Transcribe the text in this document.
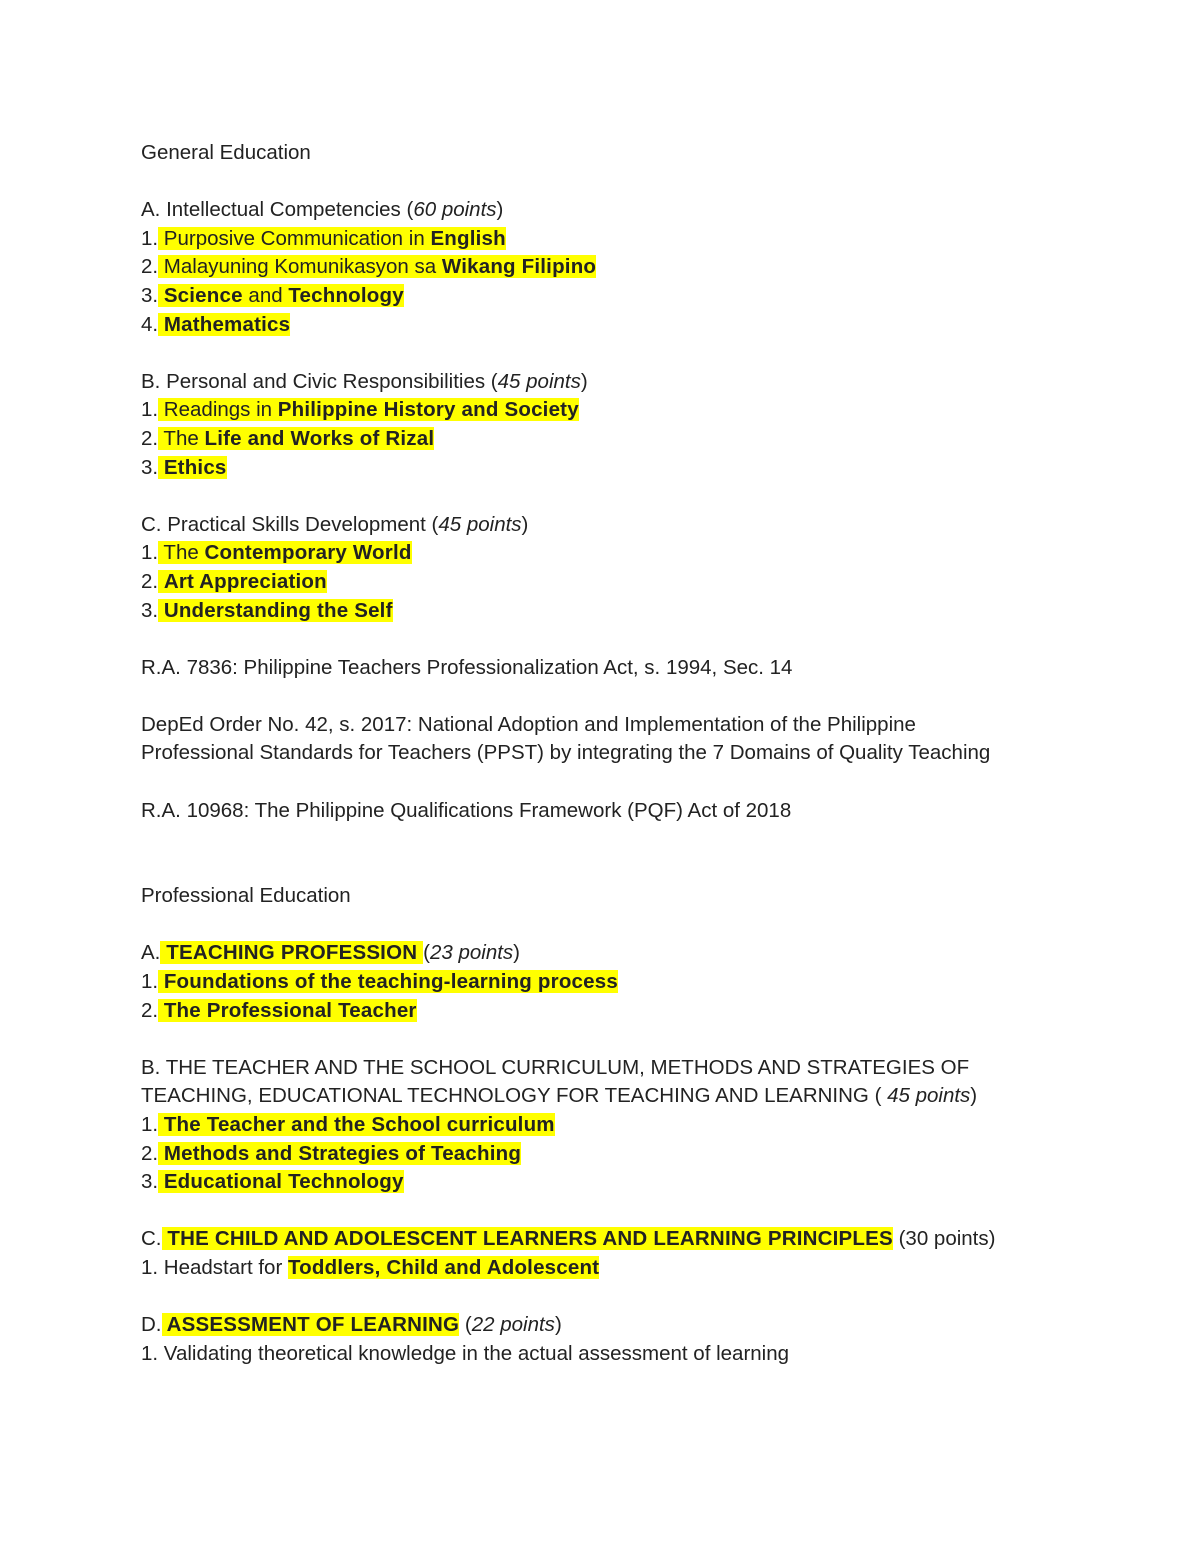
General Education
A. Intellectual Competencies (60 points)
1. Purposive Communication in English
2. Malayuning Komunikasyon sa Wikang Filipino
3. Science and Technology
4. Mathematics
B. Personal and Civic Responsibilities (45 points)
1. Readings in Philippine History and Society
2. The Life and Works of Rizal
3. Ethics
C. Practical Skills Development (45 points)
1. The Contemporary World
2. Art Appreciation
3. Understanding the Self
R.A. 7836: Philippine Teachers Professionalization Act, s. 1994, Sec. 14
DepEd Order No. 42, s. 2017: National Adoption and Implementation of the Philippine
Professional Standards for Teachers (PPST) by integrating the 7 Domains of Quality Teaching
R.A. 10968: The Philippine Qualifications Framework (PQF) Act of 2018
Professional Education
A. TEACHING PROFESSION (23 points)
1. Foundations of the teaching-learning process
2. The Professional Teacher
B. THE TEACHER AND THE SCHOOL CURRICULUM, METHODS AND STRATEGIES OF
TEACHING, EDUCATIONAL TECHNOLOGY FOR TEACHING AND LEARNING ( 45 points)
1. The Teacher and the School curriculum
2. Methods and Strategies of Teaching
3. Educational Technology
C. THE CHILD AND ADOLESCENT LEARNERS AND LEARNING PRINCIPLES (30 points)
1. Headstart for Toddlers, Child and Adolescent
D. ASSESSMENT OF LEARNING (22 points)
1. Validating theoretical knowledge in the actual assessment of learning
